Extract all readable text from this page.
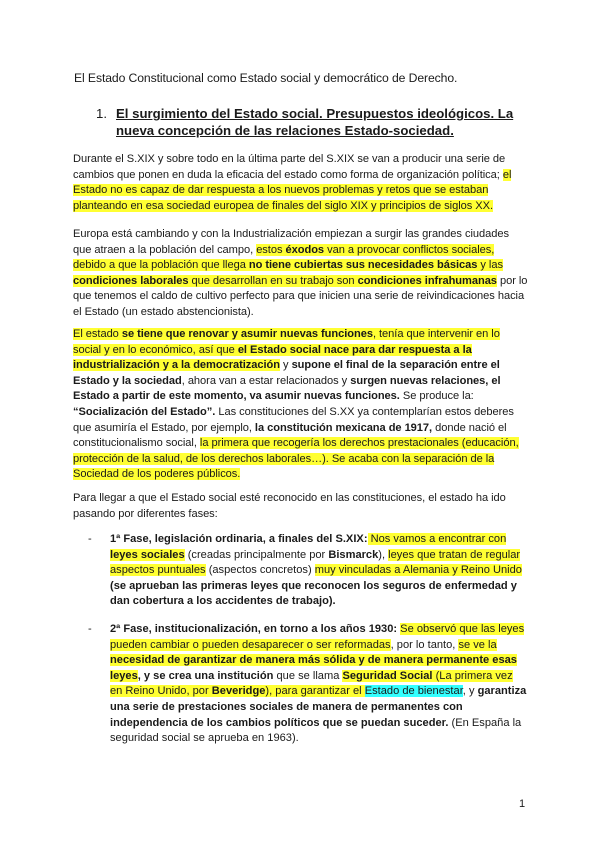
El Estado Constitucional como Estado social y democrático de Derecho.
1. El surgimiento del Estado social. Presupuestos ideológicos. La nueva concepción de las relaciones Estado-sociedad.
Durante el S.XIX y sobre todo en la última parte del S.XIX se van a producir una serie de cambios que ponen en duda la eficacia del estado como forma de organización política; el Estado no es capaz de dar respuesta a los nuevos problemas y retos que se estaban planteando en esa sociedad europea de finales del siglo XIX y principios de siglos XX.
Europa está cambiando y con la Industrialización empiezan a surgir las grandes ciudades que atraen a la población del campo, estos éxodos van a provocar conflictos sociales, debido a que la población que llega no tiene cubiertas sus necesidades básicas y las condiciones laborales que desarrollan en su trabajo son condiciones infrahumanas por lo que tenemos el caldo de cultivo perfecto para que inicien una serie de reivindicaciones hacia el Estado (un estado abstencionista).
El estado se tiene que renovar y asumir nuevas funciones, tenía que intervenir en lo social y en lo económico, así que el Estado social nace para dar respuesta a la industrialización y a la democratización y supone el final de la separación entre el Estado y la sociedad, ahora van a estar relacionados y surgen nuevas relaciones, el Estado a partir de este momento, va asumir nuevas funciones. Se produce la: “Socialización del Estado”. Las constituciones del S.XX ya contemplarían estos deberes que asumiría el Estado, por ejemplo, la constitución mexicana de 1917, donde nació el constitucionalismo social, la primera que recogería los derechos prestacionales (educación, protección de la salud, de los derechos laborales…). Se acaba con la separación de la Sociedad de los poderes públicos.
Para llegar a que el Estado social esté reconocido en las constituciones, el estado ha ido pasando por diferentes fases:
- 1ª Fase, legislación ordinaria, a finales del S.XIX: Nos vamos a encontrar con leyes sociales (creadas principalmente por Bismarck), leyes que tratan de regular aspectos puntuales (aspectos concretos) muy vinculadas a Alemania y Reino Unido (se aprueban las primeras leyes que reconocen los seguros de enfermedad y dan cobertura a los accidentes de trabajo).
- 2ª Fase, institucionalización, en torno a los años 1930: Se observó que las leyes pueden cambiar o pueden desaparecer o ser reformadas, por lo tanto, se ve la necesidad de garantizar de manera más sólida y de manera permanente esas leyes, y se crea una institución que se llama Seguridad Social (La primera vez en Reino Unido, por Beveridge), para garantizar el Estado de bienestar, y garantiza una serie de prestaciones sociales de manera de permanentes con independencia de los cambios políticos que se puedan suceder. (En España la seguridad social se aprueba en 1963).
1
